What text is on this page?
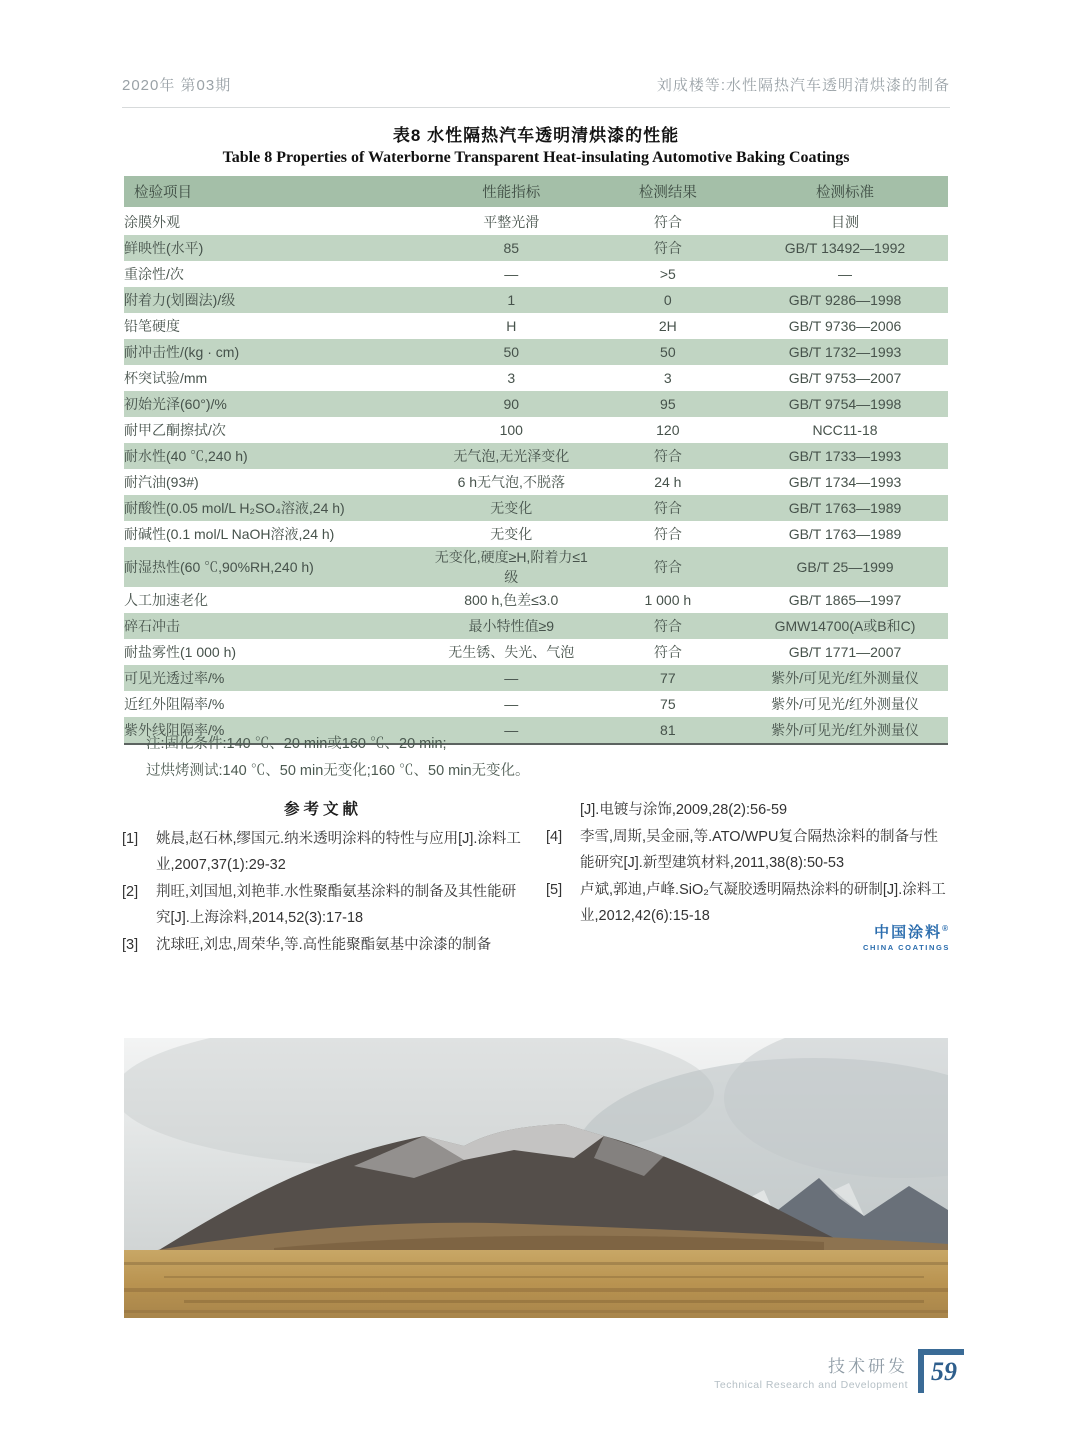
2020年 第03期	刘成楼等:水性隔热汽车透明清烘漆的制备
表8 水性隔热汽车透明清烘漆的性能
Table 8 Properties of Waterborne Transparent Heat-insulating Automotive Baking Coatings
检验项目	性能指标	检测结果	检测标准
涂膜外观	平整光滑	符合	目测
鲜映性(水平)	85	符合	GB/T 13492—1992
重涂性/次	—	>5	—
附着力(划圈法)/级	1	0	GB/T 9286—1998
铅笔硬度	H	2H	GB/T 9736—2006
耐冲击性/(kg · cm)	50	50	GB/T 1732—1993
杯突试验/mm	3	3	GB/T 9753—2007
初始光泽(60°)/%	90	95	GB/T 9754—1998
耐甲乙酮擦拭/次	100	120	NCC11-18
耐水性(40 ℃,240 h)	无气泡,无光泽变化	符合	GB/T 1733—1993
耐汽油(93#)	6 h无气泡,不脱落	24 h	GB/T 1734—1993
耐酸性(0.05 mol/L H₂SO₄溶液,24 h)	无变化	符合	GB/T 1763—1989
耐碱性(0.1 mol/L NaOH溶液,24 h)	无变化	符合	GB/T 1763—1989
耐湿热性(60 ℃,90%RH,240 h)	无变化,硬度≥H,附着力≤1级	符合	GB/T 25—1999
人工加速老化	800 h,色差≤3.0	1 000 h	GB/T 1865—1997
碎石冲击	最小特性值≥9	符合	GMW14700(A或B和C)
耐盐雾性(1 000 h)	无生锈、失光、气泡	符合	GB/T 1771—2007
可见光透过率/%	—	77	紫外/可见光/红外测量仪
近红外阻隔率/%	—	75	紫外/可见光/红外测量仪
紫外线阻隔率/%	—	81	紫外/可见光/红外测量仪
注:固化条件:140 ℃、20 min或160 ℃、20 min;
过烘烤测试:140 ℃、50 min无变化;160 ℃、50 min无变化。
参考文献
[1]	姚晨,赵石林,缪国元.纳米透明涂料的特性与应用[J].涂料工业,2007,37(1):29-32
[2]	荆旺,刘国旭,刘艳菲.水性聚酯氨基涂料的制备及其性能研究[J].上海涂料,2014,52(3):17-18
[3]	沈球旺,刘忠,周荣华,等.高性能聚酯氨基中涂漆的制备
[J].电镀与涂饰,2009,28(2):56-59
[4]	李雪,周斯,吴金丽,等.ATO/WPU复合隔热涂料的制备与性能研究[J].新型建筑材料,2011,38(8):50-53
[5]	卢斌,郭迪,卢峰.SiO₂气凝胶透明隔热涂料的研制[J].涂料工业,2012,42(6):15-18
中国涂料®
CHINA COATINGS
技术研发
Technical Research and Development 59
